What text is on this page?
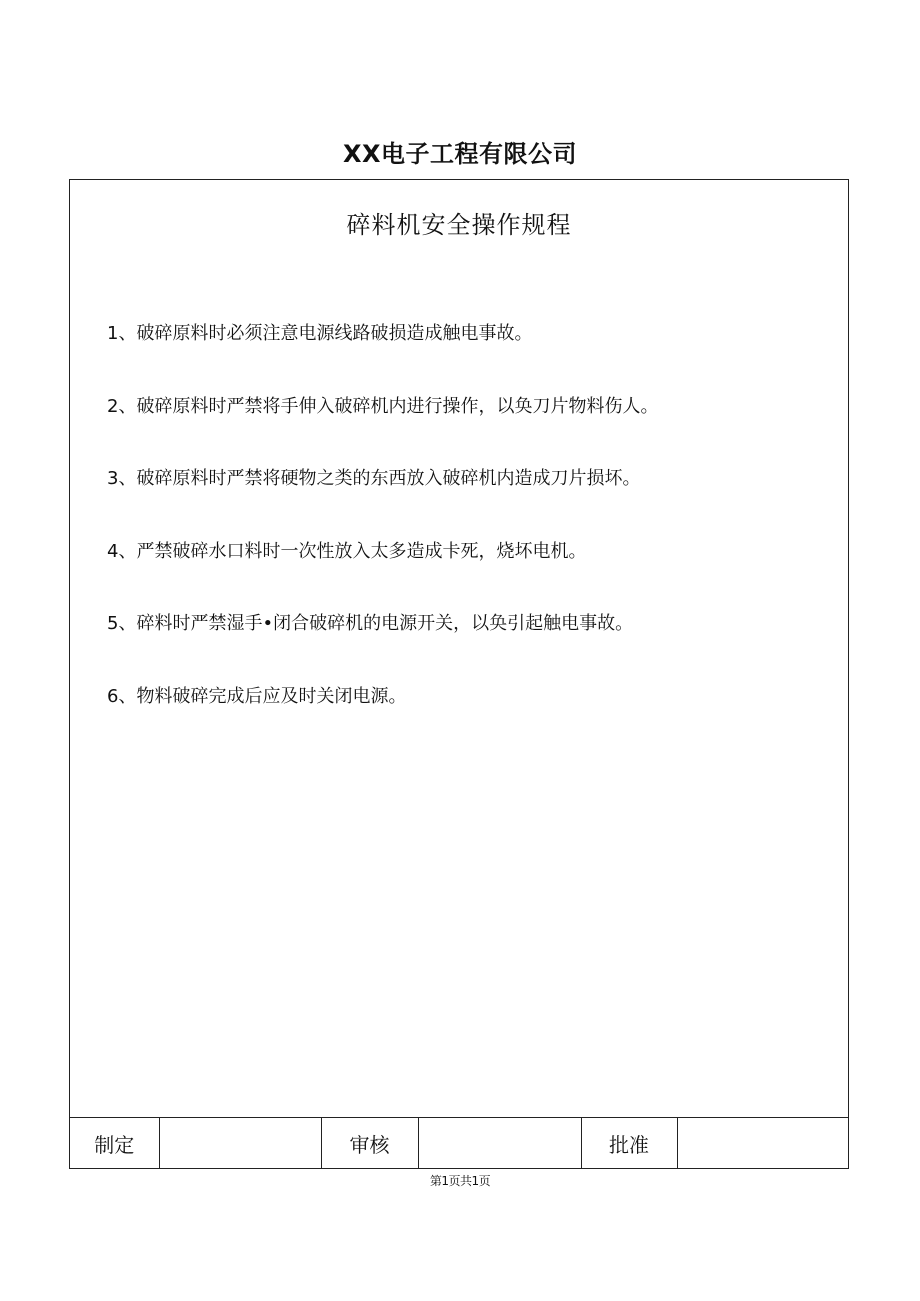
XX电子工程有限公司
碎料机安全操作规程
1、破碎原料时必须注意电源线路破损造成触电事故。
2、破碎原料时严禁将手伸入破碎机内进行操作，以奂刀片物料伤人。
3、破碎原料时严禁将硬物之类的东西放入破碎机内造成刀片损坏。
4、严禁破碎水口料时一次性放入太多造成卡死，烧坏电机。
5、碎料时严禁湿手•闭合破碎机的电源开关，以奂引起触电事故。
6、物料破碎完成后应及时关闭电源。
制定		审核		批准	
第1页共1页
